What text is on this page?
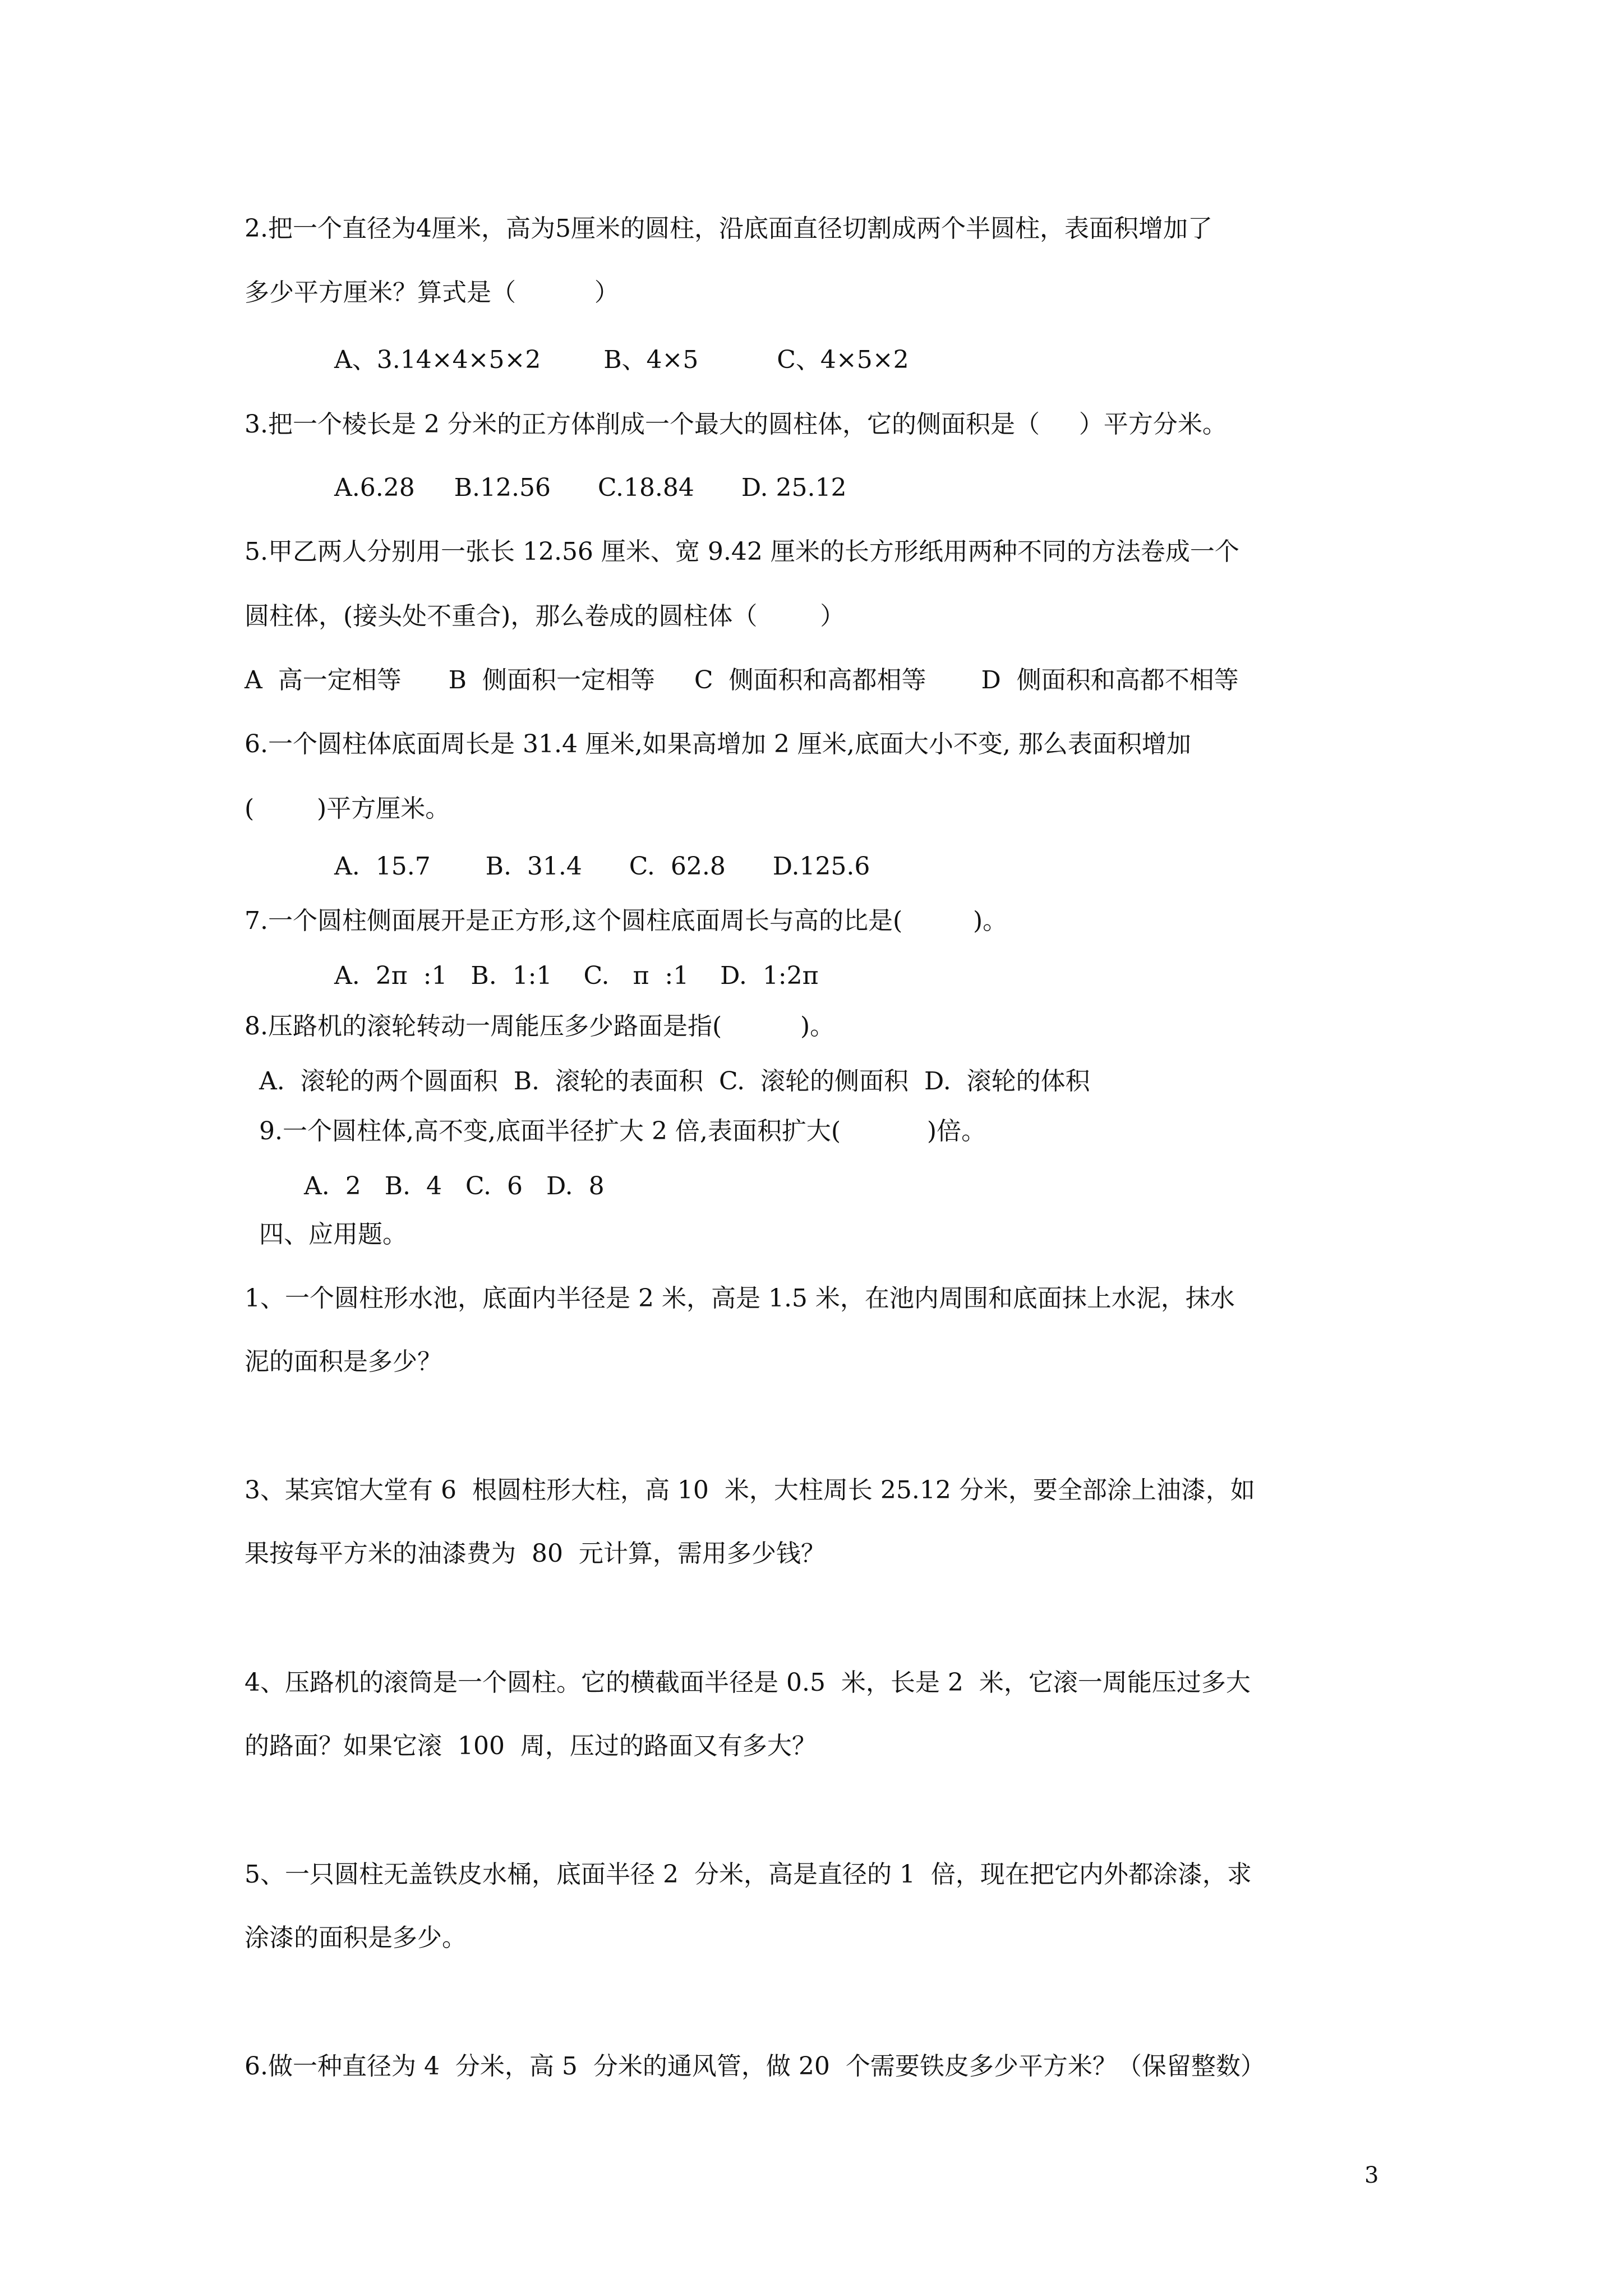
2.把一个直径为4厘米，高为5厘米的圆柱，沿底面直径切割成两个半圆柱，表面积增加了
多少平方厘米？算式是（          ）
A、3.14×4×5×2        B、4×5          C、4×5×2
3.把一个棱长是 2 分米的正方体削成一个最大的圆柱体，它的侧面积是（     ）平方分米。
A.6.28     B.12.56      C.18.84      D. 25.12
5.甲乙两人分别用一张长 12.56 厘米、宽 9.42 厘米的长方形纸用两种不同的方法卷成一个
圆柱体，(接头处不重合)，那么卷成的圆柱体（        ）
A  高一定相等      B  侧面积一定相等     C  侧面积和高都相等       D  侧面积和高都不相等
6.一个圆柱体底面周长是 31.4 厘米,如果高增加 2 厘米,底面大小不变, 那么表面积增加
(        )平方厘米。
A.  15.7       B.  31.4      C.  62.8      D.125.6
7.一个圆柱侧面展开是正方形,这个圆柱底面周长与高的比是(         )。
A.  2π  :1   B.  1:1    C.   π  :1    D.  1:2π
8.压路机的滚轮转动一周能压多少路面是指(          )。
A.  滚轮的两个圆面积  B.  滚轮的表面积  C.  滚轮的侧面积  D.  滚轮的体积
9.一个圆柱体,高不变,底面半径扩大 2 倍,表面积扩大(           )倍。
A.  2   B.  4   C.  6   D.  8
四、应用题。
1、一个圆柱形水池，底面内半径是 2 米，高是 1.5 米，在池内周围和底面抹上水泥，抹水
泥的面积是多少？
3、某宾馆大堂有 6  根圆柱形大柱，高 10  米，大柱周长 25.12 分米，要全部涂上油漆，如
果按每平方米的油漆费为  80  元计算，需用多少钱？
4、压路机的滚筒是一个圆柱。它的横截面半径是 0.5  米，长是 2  米，它滚一周能压过多大
的路面？如果它滚  100  周，压过的路面又有多大？
5、一只圆柱无盖铁皮水桶，底面半径 2  分米，高是直径的 1  倍，现在把它内外都涂漆，求
涂漆的面积是多少。
6.做一种直径为 4  分米，高 5  分米的通风管，做 20  个需要铁皮多少平方米？（保留整数）
3
